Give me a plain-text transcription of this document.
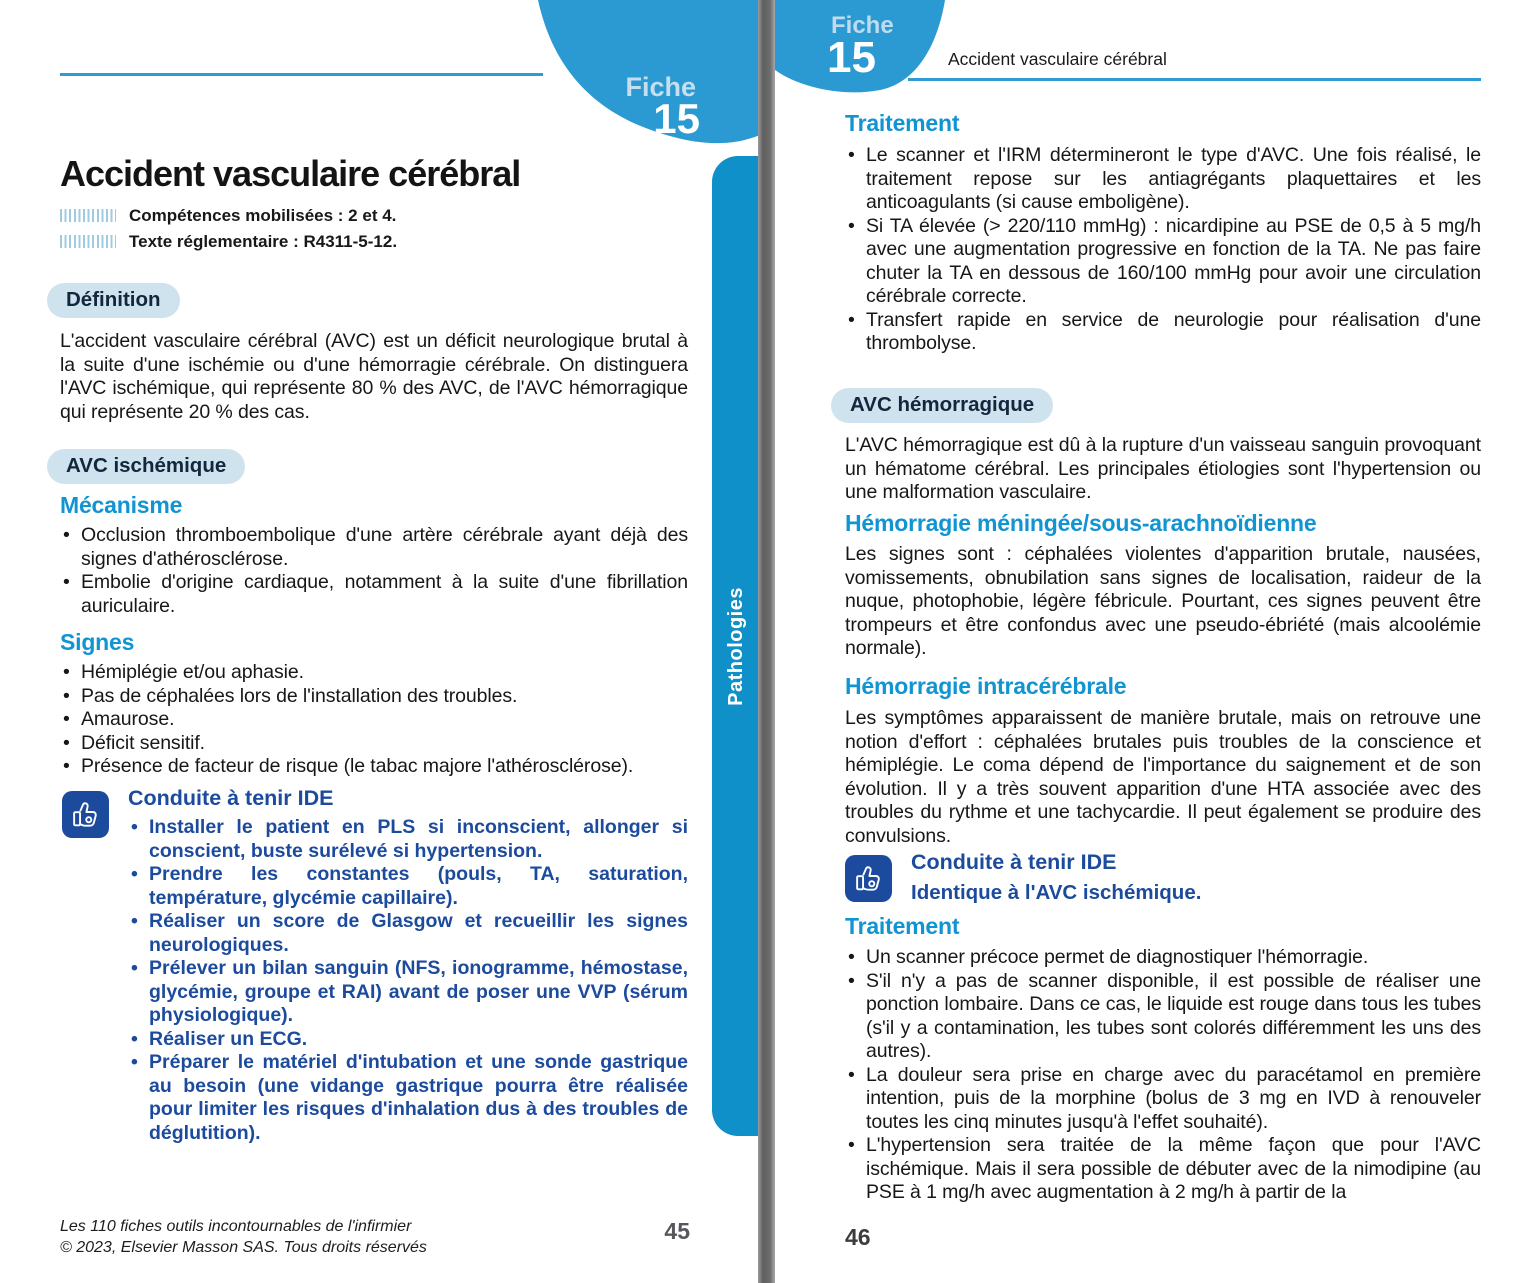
Fiche
15
Accident vasculaire cérébral
Compétences mobilisées : 2 et 4.
Texte réglementaire : R4311-5-12.
Définition
L'accident vasculaire cérébral (AVC) est un déficit neurologique brutal à la suite d'une ischémie ou d'une hémorragie cérébrale. On distinguera l'AVC ischémique, qui représente 80 % des AVC, de l'AVC hémorragique qui représente 20 % des cas.
AVC ischémique
Mécanisme
• Occlusion thromboembolique d'une artère cérébrale ayant déjà des signes d'athérosclérose.
• Embolie d'origine cardiaque, notamment à la suite d'une fibrillation auriculaire.
Signes
• Hémiplégie et/ou aphasie.
• Pas de céphalées lors de l'installation des troubles.
• Amaurose.
• Déficit sensitif.
• Présence de facteur de risque (le tabac majore l'athérosclérose).
Conduite à tenir IDE
• Installer le patient en PLS si inconscient, allonger si conscient, buste surélevé si hypertension.
• Prendre les constantes (pouls, TA, saturation, température, glycémie capillaire).
• Réaliser un score de Glasgow et recueillir les signes neurologiques.
• Prélever un bilan sanguin (NFS, ionogramme, hémostase, glycémie, groupe et RAI) avant de poser une VVP (sérum physiologique).
• Réaliser un ECG.
• Préparer le matériel d'intubation et une sonde gastrique au besoin (une vidange gastrique pourra être réalisée pour limiter les risques d'inhalation dus à des troubles de déglutition).
Les 110 fiches outils incontournables de l'infirmier
© 2023, Elsevier Masson SAS. Tous droits réservés
45
Pathologies
Fiche
15	Accident vasculaire cérébral
Traitement
• Le scanner et l'IRM détermineront le type d'AVC. Une fois réalisé, le traitement repose sur les antiagrégants plaquettaires et les anticoagulants (si cause emboligène).
• Si TA élevée (> 220/110 mmHg) : nicardipine au PSE de 0,5 à 5 mg/h avec une augmentation progressive en fonction de la TA. Ne pas faire chuter la TA en dessous de 160/100 mmHg pour avoir une circulation cérébrale correcte.
• Transfert rapide en service de neurologie pour réalisation d'une thrombolyse.
AVC hémorragique
L'AVC hémorragique est dû à la rupture d'un vaisseau sanguin provoquant un hématome cérébral. Les principales étiologies sont l'hypertension ou une malformation vasculaire.
Hémorragie méningée/sous-arachnoïdienne
Les signes sont : céphalées violentes d'apparition brutale, nausées, vomissements, obnubilation sans signes de localisation, raideur de la nuque, photophobie, légère fébricule. Pourtant, ces signes peuvent être trompeurs et être confondus avec une pseudo-ébriété (mais alcoolémie normale).
Hémorragie intracérébrale
Les symptômes apparaissent de manière brutale, mais on retrouve une notion d'effort : céphalées brutales puis troubles de la conscience et hémiplégie. Le coma dépend de l'importance du saignement et de son évolution. Il y a très souvent apparition d'une HTA associée avec des troubles du rythme et une tachycardie. Il peut également se produire des convulsions.
Conduite à tenir IDE
Identique à l'AVC ischémique.
Traitement
• Un scanner précoce permet de diagnostiquer l'hémorragie.
• S'il n'y a pas de scanner disponible, il est possible de réaliser une ponction lombaire. Dans ce cas, le liquide est rouge dans tous les tubes (s'il y a contamination, les tubes sont colorés différemment les uns des autres).
• La douleur sera prise en charge avec du paracétamol en première intention, puis de la morphine (bolus de 3 mg en IVD à renouveler toutes les cinq minutes jusqu'à l'effet souhaité).
• L'hypertension sera traitée de la même façon que pour l'AVC ischémique. Mais il sera possible de débuter avec de la nimodipine (au PSE à 1 mg/h avec augmentation à 2 mg/h à partir de la
46
